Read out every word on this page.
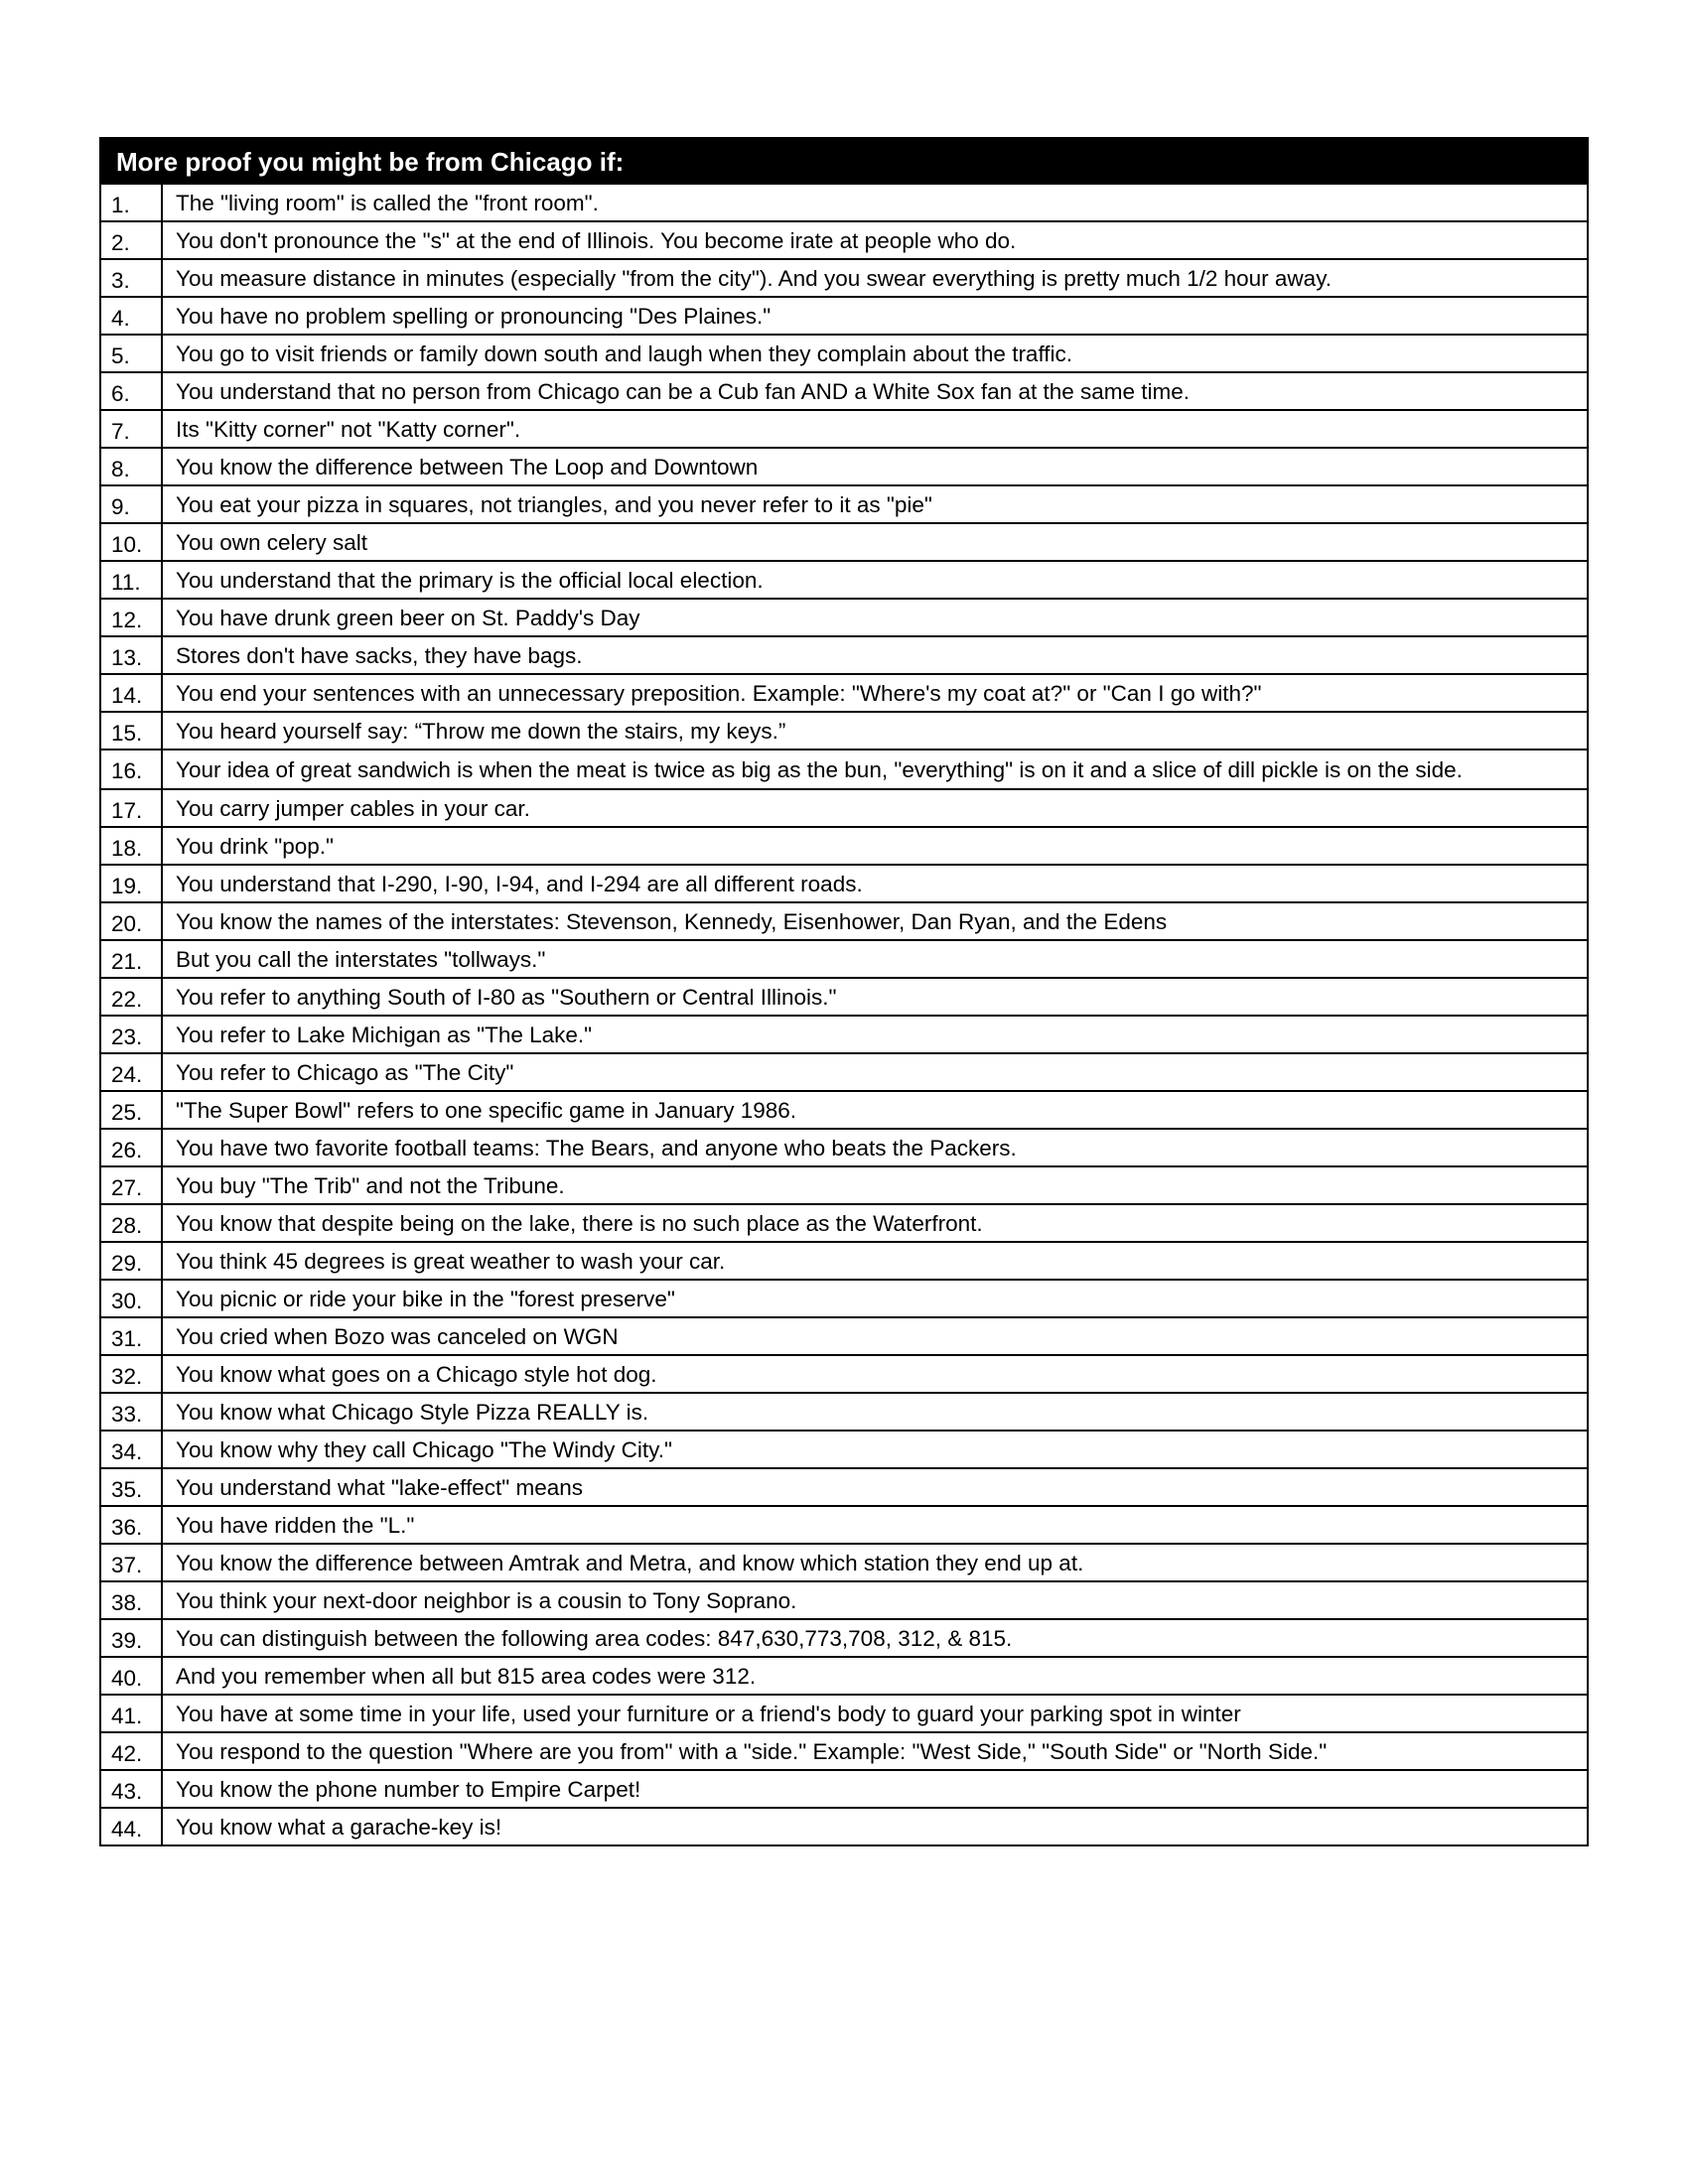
More proof you might be from Chicago if:
1.	The "living room" is called the "front room".
2.	You don't pronounce the "s" at the end of Illinois. You become irate at people who do.
3.	You measure distance in minutes (especially "from the city"). And you swear everything is pretty much 1/2 hour away.
4.	You have no problem spelling or pronouncing "Des Plaines."
5.	You go to visit friends or family down south and laugh when they complain about the traffic.
6.	You understand that no person from Chicago can be a Cub fan AND a White Sox fan at the same time.
7.	Its "Kitty corner" not "Katty corner".
8.	You know the difference between The Loop and Downtown
9.	You eat your pizza in squares, not triangles, and you never refer to it as "pie"
10.	You own celery salt
11.	You understand that the primary is the official local election.
12.	You have drunk green beer on St. Paddy's Day
13.	Stores don't have sacks, they have bags.
14.	You end your sentences with an unnecessary preposition. Example: "Where's my coat at?" or "Can I go with?"
15.	You heard yourself say: “Throw me down the stairs, my keys.”
16.	Your idea of great sandwich is when the meat is twice as big as the bun, "everything" is on it and a slice of dill pickle is on the side.
17.	You carry jumper cables in your car.
18.	You drink "pop."
19.	You understand that I-290, I-90, I-94, and I-294 are all different roads.
20.	You know the names of the interstates: Stevenson, Kennedy, Eisenhower, Dan Ryan, and the Edens
21.	But you call the interstates "tollways."
22.	You refer to anything South of I-80 as "Southern or Central Illinois."
23.	You refer to Lake Michigan as "The Lake."
24.	You refer to Chicago as "The City"
25.	"The Super Bowl" refers to one specific game in January 1986.
26.	You have two favorite football teams: The Bears, and anyone who beats the Packers.
27.	You buy "The Trib" and not the Tribune.
28.	You know that despite being on the lake, there is no such place as the Waterfront.
29.	You think 45 degrees is great weather to wash your car.
30.	You picnic or ride your bike in the "forest preserve"
31.	You cried when Bozo was canceled on WGN
32.	You know what goes on a Chicago style hot dog.
33.	You know what Chicago Style Pizza REALLY is.
34.	You know why they call Chicago "The Windy City."
35.	You understand what "lake-effect" means
36.	You have ridden the "L."
37.	You know the difference between Amtrak and Metra, and know which station they end up at.
38.	You think your next-door neighbor is a cousin to Tony Soprano.
39.	You can distinguish between the following area codes: 847,630,773,708, 312, & 815.
40.	And you remember when all but 815 area codes were 312.
41.	You have at some time in your life, used your furniture or a friend's body to guard your parking spot in winter
42.	You respond to the question "Where are you from" with a "side." Example: "West Side," "South Side" or "North Side."
43.	You know the phone number to Empire Carpet!
44.	You know what a garache-key is!
